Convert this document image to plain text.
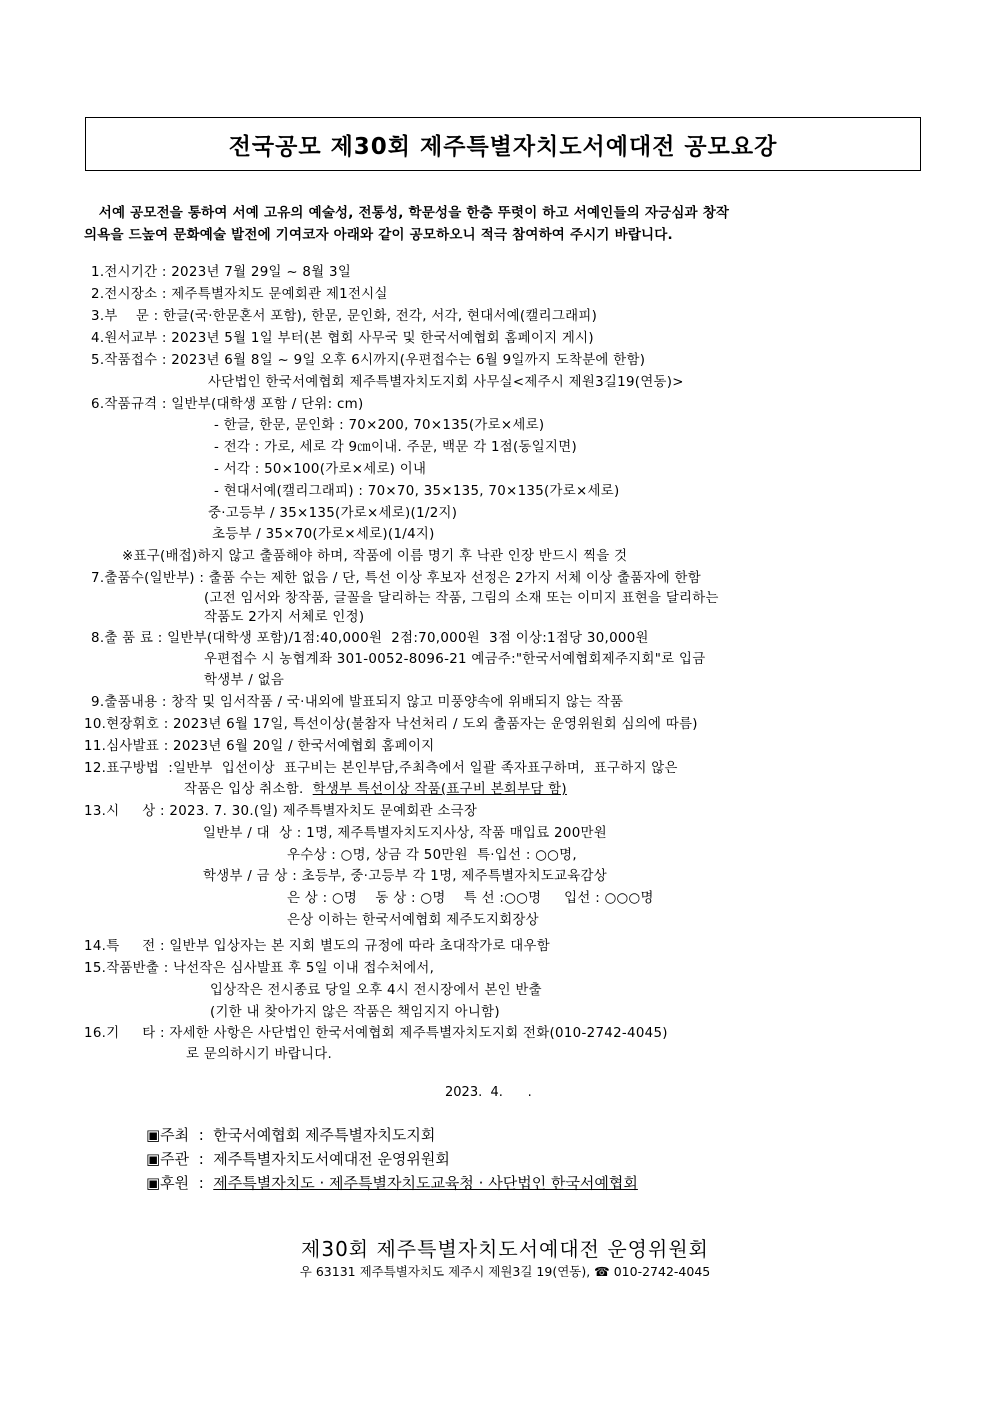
전국공모 제30회 제주특별자치도서예대전 공모요강
서예 공모전을 통하여 서예 고유의 예술성, 전통성, 학문성을 한층 뚜렷이 하고 서예인들의 자긍심과 창작
의욕을 드높여 문화예술 발전에 기여코자 아래와 같이 공모하오니 적극 참여하여 주시기 바랍니다.
1.전시기간 : 2023년 7월 29일 ~ 8월 3일
2.전시장소 : 제주특별자치도 문예회관 제1전시실
3.부    문 : 한글(국·한문혼서 포함), 한문, 문인화, 전각, 서각, 현대서예(캘리그래피)
4.원서교부 : 2023년 5월 1일 부터(본 협회 사무국 및 한국서예협회 홈페이지 게시)
5.작품접수 : 2023년 6월 8일 ~ 9일 오후 6시까지(우편접수는 6월 9일까지 도착분에 한함)
사단법인 한국서예협회 제주특별자치도지회 사무실<제주시 제원3길19(연동)>
6.작품규격 : 일반부(대학생 포함 / 단위: cm)
- 한글, 한문, 문인화 : 70×200, 70×135(가로×세로)
- 전각 : 가로, 세로 각 9㎝이내. 주문, 백문 각 1점(동일지면)
- 서각 : 50×100(가로×세로) 이내
- 현대서예(캘리그래피) : 70×70, 35×135, 70×135(가로×세로)
중·고등부 / 35×135(가로×세로)(1/2지)
초등부 / 35×70(가로×세로)(1/4지)
※표구(배접)하지 않고 출품해야 하며, 작품에 이름 명기 후 낙관 인장 반드시 찍을 것
7.출품수(일반부) : 출품 수는 제한 없음 / 단, 특선 이상 후보자 선정은 2가지 서체 이상 출품자에 한함
(고전 임서와 창작품, 글꼴을 달리하는 작품, 그림의 소재 또는 이미지 표현을 달리하는
작품도 2가지 서체로 인정)
8.출 품 료 : 일반부(대학생 포함)/1점:40,000원  2점:70,000원  3점 이상:1점당 30,000원
우편접수 시 농협계좌 301-0052-8096-21 예금주:"한국서예협회제주지회"로 입금
학생부 / 없음
9.출품내용 : 창작 및 임서작품 / 국·내외에 발표되지 않고 미풍양속에 위배되지 않는 작품
10.현장휘호 : 2023년 6월 17일, 특선이상(불참자 낙선처리 / 도외 출품자는 운영위원회 심의에 따름)
11.심사발표 : 2023년 6월 20일 / 한국서예협회 홈페이지
12.표구방법  :일반부  입선이상  표구비는 본인부담,주최측에서 일괄 족자표구하며,  표구하지 않은
작품은 입상 취소함.  학생부 특선이상 작품(표구비 본회부담 함)
13.시     상 : 2023. 7. 30.(일) 제주특별자치도 문예회관 소극장
일반부 / 대  상 : 1명, 제주특별자치도지사상, 작품 매입료 200만원
우수상 : ○명, 상금 각 50만원  특·입선 : ○○명,
학생부 / 금 상 : 초등부, 중·고등부 각 1명, 제주특별자치도교육감상
은 상 : ○명    동 상 : ○명    특 선 :○○명     입선 : ○○○명
은상 이하는 한국서예협회 제주도지회장상
14.특     전 : 일반부 입상자는 본 지회 별도의 규정에 따라 초대작가로 대우함
15.작품반출 : 낙선작은 심사발표 후 5일 이내 접수처에서,
입상작은 전시종료 당일 오후 4시 전시장에서 본인 반출
(기한 내 찾아가지 않은 작품은 책임지지 아니함)
16.기     타 : 자세한 사항은 사단법인 한국서예협회 제주특별자치도지회 전화(010-2742-4045)
로 문의하시기 바랍니다.
2023.  4.      .
▣주최  :  한국서예협회 제주특별자치도지회
▣주관  :  제주특별자치도서예대전 운영위원회
▣후원  :  제주특별자치도 · 제주특별자치도교육청 · 사단법인 한국서예협회
제30회 제주특별자치도서예대전 운영위원회
우 63131 제주특별자치도 제주시 제원3길 19(연동), ☎ 010-2742-4045
